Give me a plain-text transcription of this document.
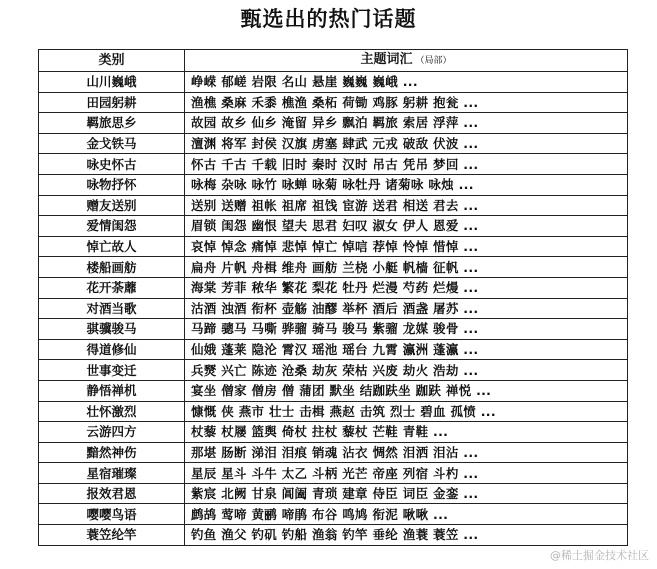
甄选出的热门话题
类别	主题词汇 （局部）
山川巍峨	峥嵘 郁嵯 岩限 名山 悬崖 巍巍 巍峨 ...
田园躬耕	渔樵 桑麻 禾黍 樵渔 桑柘 荷锄 鸡豚 躬耕 抱瓮 ...
羁旅思乡	故园 故乡 仙乡 淹留 异乡 飘泊 羁旅 索居 浮萍 ...
金戈铁马	澶渊 将军 封侯 汉旗 虏塞 肆武 元戎 破敌 伏波 ...
咏史怀古	怀古 千古 千载 旧时 秦时 汉时 吊古 凭吊 梦回 ...
咏物抒怀	咏梅 杂咏 咏竹 咏蝉 咏菊 咏牡丹 诸菊咏 咏烛 ...
赠友送别	送别 送赠 祖帐 祖席 祖饯 宦游 送君 相送 君去 ...
爱情闺怨	眉锁 闺怨 幽恨 望夫 思君 妇叹 淑女 伊人 恩爱 ...
悼亡故人	哀悼 悼念 痛悼 悲悼 悼亡 悼唁 荐悼 怜悼 惜悼 ...
楼船画舫	扁舟 片帆 舟楫 维舟 画舫 兰桡 小艇 帆樯 征帆 ...
花开荼蘼	海棠 芳菲 秾华 繁花 梨花 牡丹 烂漫 芍药 烂熳 ...
对酒当歌	沽酒 浊酒 衔杯 壶觞 油醪 举杯 酒后 酒盏 屠苏 ...
骐骥骏马	马蹄 骢马 马嘶 骅骝 骑马 骏马 紫骝 龙媒 骏骨 ...
得道修仙	仙娥 蓬莱 隐沦 霄汉 瑶池 瑶台 九霄 瀛洲 蓬瀛 ...
世事变迁	兵燹 兴亡 陈迹 沧桑 劫灰 荣枯 兴废 劫火 浩劫 ...
静悟禅机	宴坐 僧家 僧房 僧 蒲团 默坐 结跏趺坐 跏趺 禅悦 ...
壮怀激烈	慷慨 侠 燕市 壮士 击楫 燕赵 击筑 烈士 碧血 孤愤 ...
云游四方	杖藜 杖屦 篮舆 倚杖 拄杖 藜杖 芒鞋 青鞋 ...
黯然神伤	那堪 肠断 涕泪 泪痕 销魂 沾衣 惆然 泪洒 泪沾 ...
星宿璀璨	星辰 星斗 斗牛 太乙 斗柄 光芒 帝座 列宿 斗杓 ...
报效君恩	紫宸 北阙 甘泉 阊阖 青琐 建章 侍臣 词臣 金銮 ...
嘤嘤鸟语	鹧鸪 莺啼 黄鹂 啼鹃 布谷 鸣鸠 衔泥 啾啾 ...
蓑笠纶竿	钓鱼 渔父 钓矶 钓船 渔翁 钓竿 垂纶 渔蓑 蓑笠 ...
@稀土掘金技术社区
